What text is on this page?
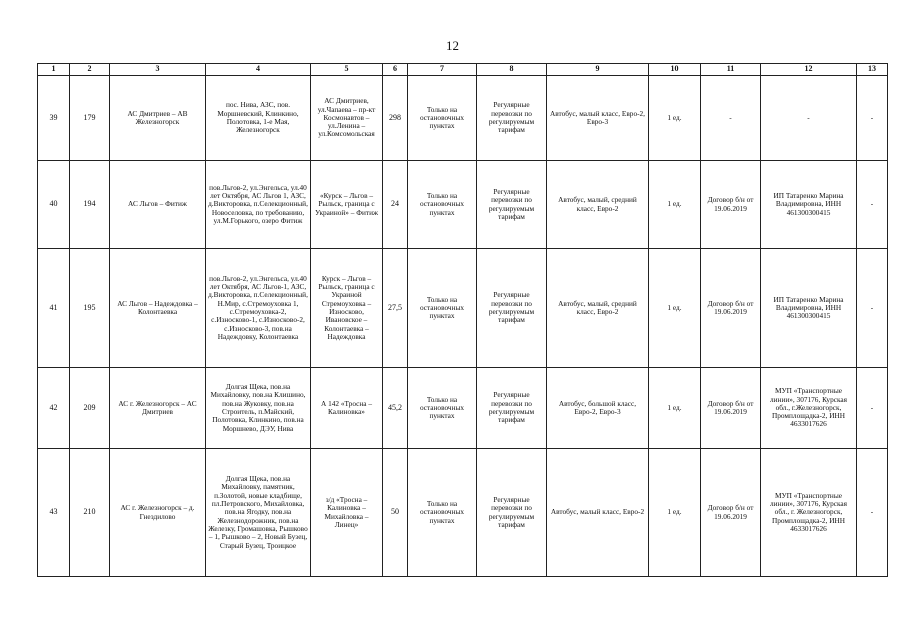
12
1	2	3	4	5	6	7	8	9	10	11	12	13
39	179	АС Дмитриев – АВ Железногорск	пос. Нива, АЗС, пов. Моршневский, Клинкино, Полотовка, 1-е Мая, Железногорск	АС Дмитриев, ул.Чапаева – пр-кт Космонавтов – ул.Ленина – ул.Комсомольская	298	Только на остановочных пунктах	Регулярные перевозки по регулируемым тарифам	Автобус, малый класс, Евро-2, Евро-3	1 ед.	-	-	-
40	194	АС Льгов – Фитиж	пов.Льгов-2, ул.Энгельса, ул.40 лет Октября, АС Льгов 1, АЗС, д.Викторовка, п.Селекционный, Новоселовка, по требованию, ул.М.Горького, озеро Фитиж	«Курск – Льгов – Рыльск, граница с Украиной» – Фитиж	24	Только на остановочных пунктах	Регулярные перевозки по регулируемым тарифам	Автобус, малый, средний класс, Евро-2	1 ед.	Договор б/н от 19.06.2019	ИП Татаренко Марина Владимировна, ИНН 461300300415	-
41	195	АС Льгов – Надеждовка – Колонтаевка	пов.Льгов-2, ул.Энгельса, ул.40 лет Октября, АС Льгов-1, АЗС, д.Викторовка, п.Селекционный, Н.Мир, с.Стремоуховка 1, с.Стремоуховка-2, с.Износково-1, с.Износково-2, с.Износково-3, пов.на Надеждовку, Колонтаевка	Курск – Льгов – Рыльск, граница с Украиной Стремоуховка – Износково, Ивановское – Колонтаевка – Надеждовка	27,5	Только на остановочных пунктах	Регулярные перевозки по регулируемым тарифам	Автобус, малый, средний класс, Евро-2	1 ед.	Договор б/н от 19.06.2019	ИП Татаренко Марина Владимировна, ИНН 461300300415	-
42	209	АС г. Железногорск – АС Дмитриев	Долгая Щека, пов.на Михайловку, пов.на Клишино, пов.на Жуковку, пов.на Строитель, п.Майский, Полотовка, Клинкино, пов.на Моршнево, ДЭУ, Нива	А 142 «Тросна – Калиновка»	45,2	Только на остановочных пунктах	Регулярные перевозки по регулируемым тарифам	Автобус, большой класс, Евро-2, Евро-3	1 ед.	Договор б/н от 19.06.2019	МУП «Транспортные линии», 307176, Курская обл., г.Железногорск, Промплощадка-2, ИНН 4633017626	-
43	210	АС г. Железногорск – д. Гнездилово	Долгая Щека, пов.на Михайловку, памятник, п.Золотой, новые кладбище, пл.Петровского, Михайловка, пов.на Ягодку, пов.на Железнодорожник, пов.на Железку, Громашовка, Рышково – 1, Рышково – 2, Новый Бузец, Старый Бузец, Троицкое	з/д «Тросна – Калиновка – Михайловка – Линец»	50	Только на остановочных пунктах	Регулярные перевозки по регулируемым тарифам	Автобус, малый класс, Евро-2	1 ед.	Договор б/н от 19.06.2019	МУП «Транспортные линии», 307176, Курская обл., г. Железногорск, Промплощадка-2, ИНН 4633017626	-
